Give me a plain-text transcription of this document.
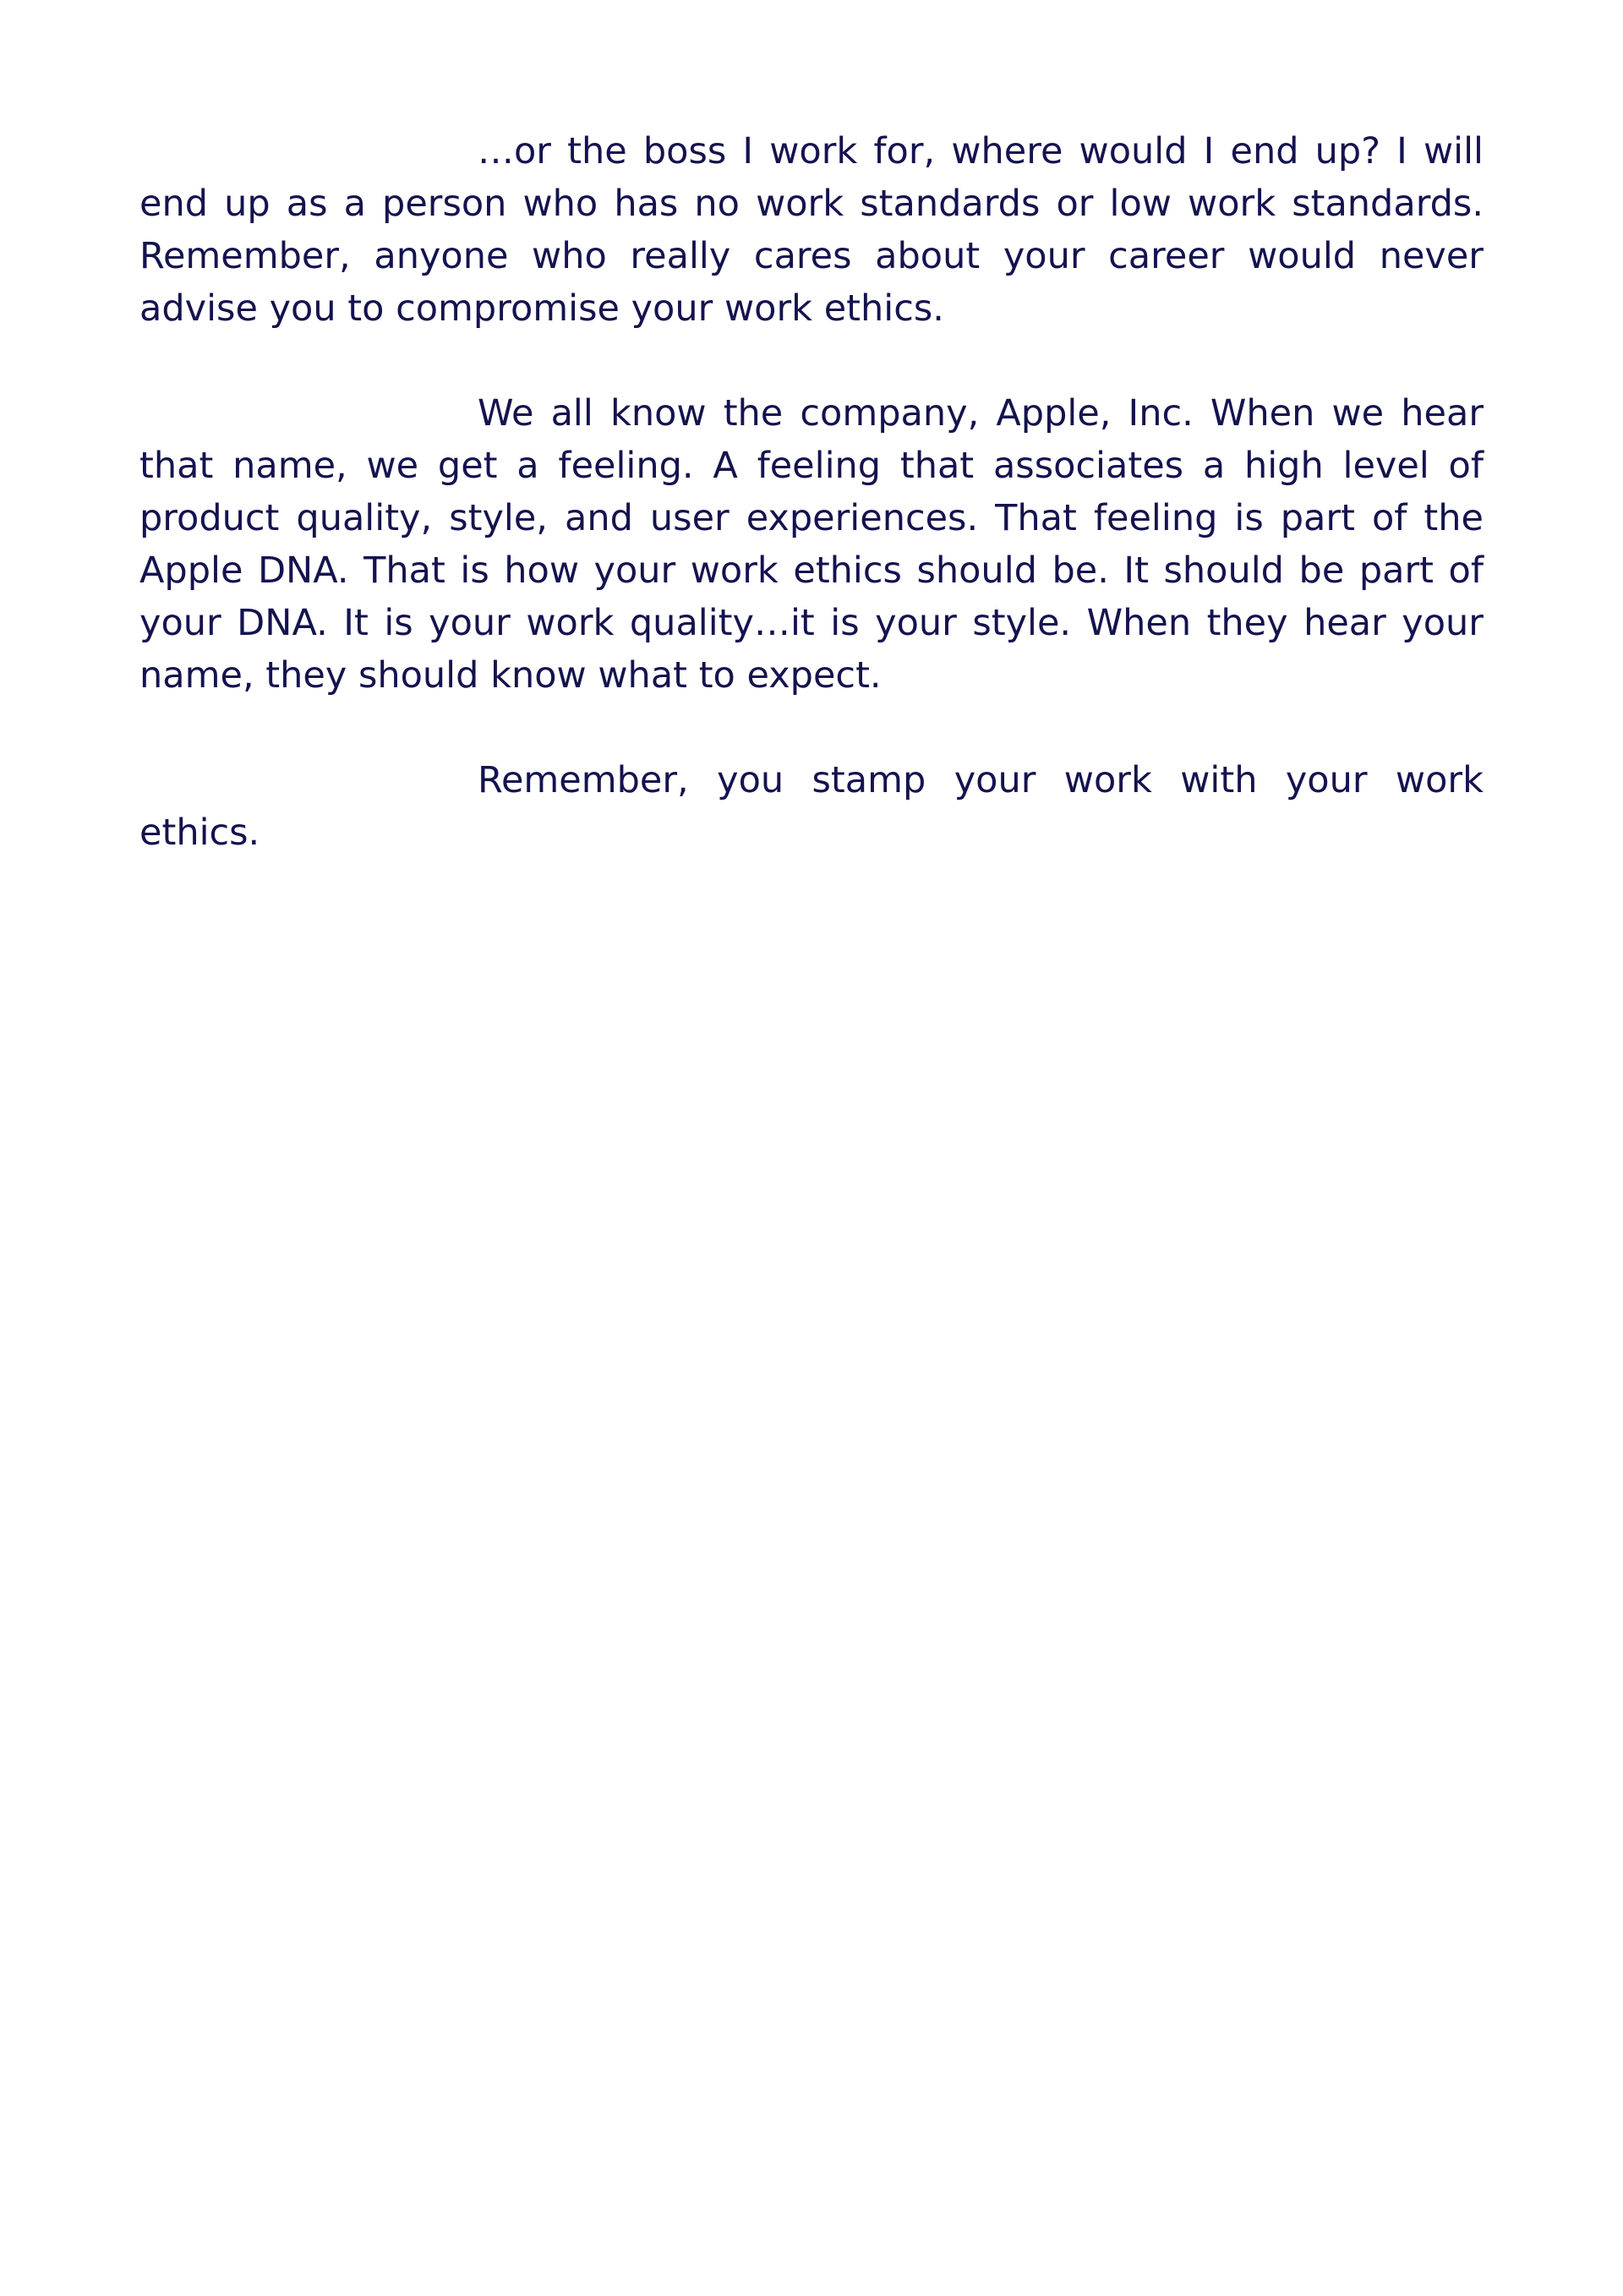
…or the boss I work for, where would I end up? I will end up as a person who has no work standards or low work standards. Remember, anyone who really cares about your career would never advise you to compromise your work ethics.

We all know the company, Apple, Inc. When we hear that name, we get a feeling. A feeling that associates a high level of product quality, style, and user experiences. That feeling is part of the Apple DNA. That is how your work ethics should be. It should be part of your DNA. It is your work quality…it is your style. When they hear your name, they should know what to expect.

Remember, you stamp your work with your work ethics.
